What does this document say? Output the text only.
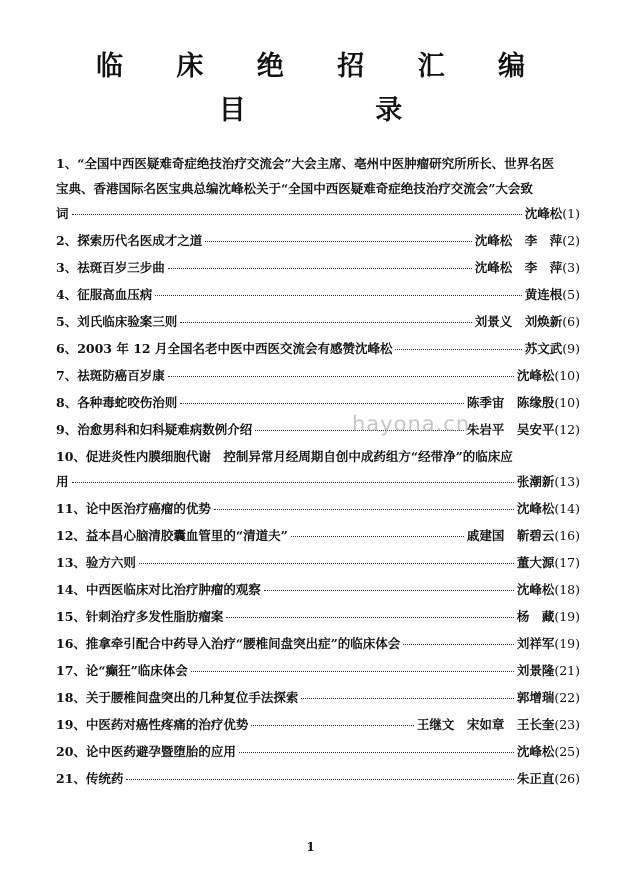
临 床 绝 招 汇 编
目 录
1、“全国中西医疑难奇症绝技治疗交流会”大会主席、亳州中医肿瘤研究所所长、世界名医
宝典、香港国际名医宝典总编沈峰松关于“全国中西医疑难奇症绝技治疗交流会”大会致
词	沈峰松 (1)
2、探索历代名医成才之道	沈峰松　李　萍 (2)
3、祛斑百岁三步曲	沈峰松　李　萍 (3)
4、征服高血压病	黄连根 (5)
5、刘氏临床验案三则	刘景义　刘焕新 (6)
6、2003 年 12 月全国名老中医中西医交流会有感赞沈峰松	苏文武 (9)
7、祛斑防癌百岁康	沈峰松 (10)
8、各种毒蛇咬伤治则	陈季宙　陈缘殷 (10)
9、治愈男科和妇科疑难病数例介绍	朱岩平　吴安平 (12)
10、促进炎性内膜细胞代谢　控制异常月经周期自创中成药组方“经带净”的临床应
用	张潮新 (13)
11、论中医治疗癌瘤的优势	沈峰松 (14)
12、益本昌心脑清胶囊血管里的“清道夫”	戚建国　靳碧云 (16)
13、验方六则	董大源 (17)
14、中西医临床对比治疗肿瘤的观察	沈峰松 (18)
15、针刺治疗多发性脂肪瘤案	杨　藏 (19)
16、推拿牵引配合中药导入治疗“腰椎间盘突出症”的临床体会	刘祥军 (19)
17、论“癫狂”临床体会	刘景隆 (21)
18、关于腰椎间盘突出的几种复位手法探索	郭增瑞 (22)
19、中医药对癌性疼痛的治疗优势	王继文　宋如章　王长奎 (23)
20、论中医药避孕暨堕胎的应用	沈峰松 (25)
21、传统药	朱正直 (26)
hayona.cn
1
